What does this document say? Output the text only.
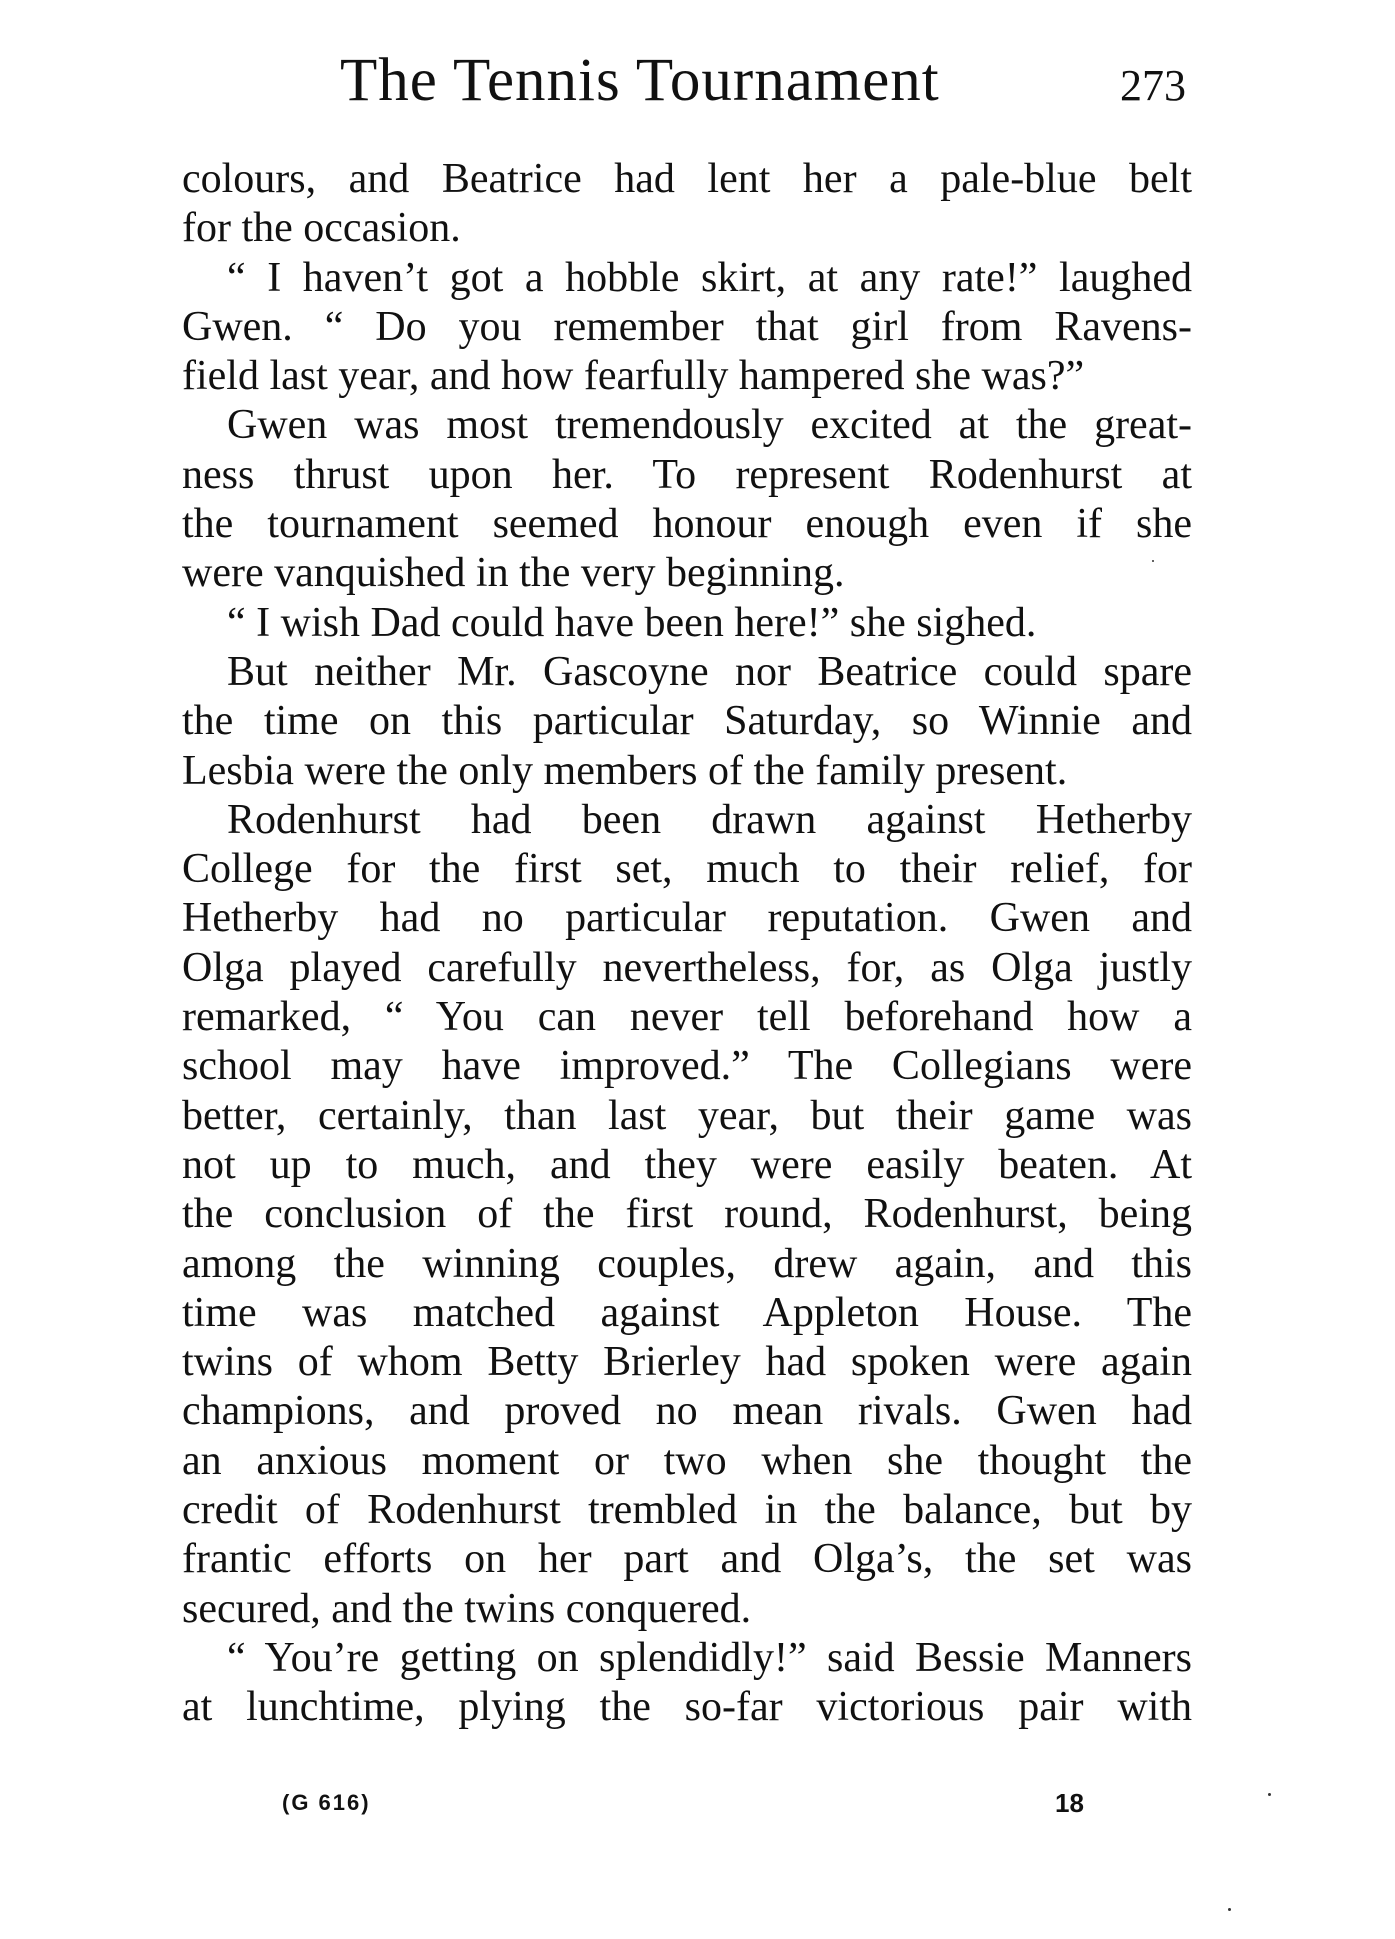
The Tennis Tournament	273
colours, and Beatrice had lent her a pale-blue belt
for the occasion.
“ I haven’t got a hobble skirt, at any rate!” laughed
Gwen. “ Do you remember that girl from Ravens-
field last year, and how fearfully hampered she was?”
Gwen was most tremendously excited at the great-
ness thrust upon her. To represent Rodenhurst at
the tournament seemed honour enough even if she
were vanquished in the very beginning.
“ I wish Dad could have been here!” she sighed.
But neither Mr. Gascoyne nor Beatrice could spare
the time on this particular Saturday, so Winnie and
Lesbia were the only members of the family present.
Rodenhurst had been drawn against Hetherby
College for the first set, much to their relief, for
Hetherby had no particular reputation. Gwen and
Olga played carefully nevertheless, for, as Olga justly
remarked, “ You can never tell beforehand how a
school may have improved.” The Collegians were
better, certainly, than last year, but their game was
not up to much, and they were easily beaten. At
the conclusion of the first round, Rodenhurst, being
among the winning couples, drew again, and this
time was matched against Appleton House. The
twins of whom Betty Brierley had spoken were again
champions, and proved no mean rivals. Gwen had
an anxious moment or two when she thought the
credit of Rodenhurst trembled in the balance, but by
frantic efforts on her part and Olga’s, the set was
secured, and the twins conquered.
“ You’re getting on splendidly!” said Bessie Manners
at lunchtime, plying the so-far victorious pair with
(G 616)	18
